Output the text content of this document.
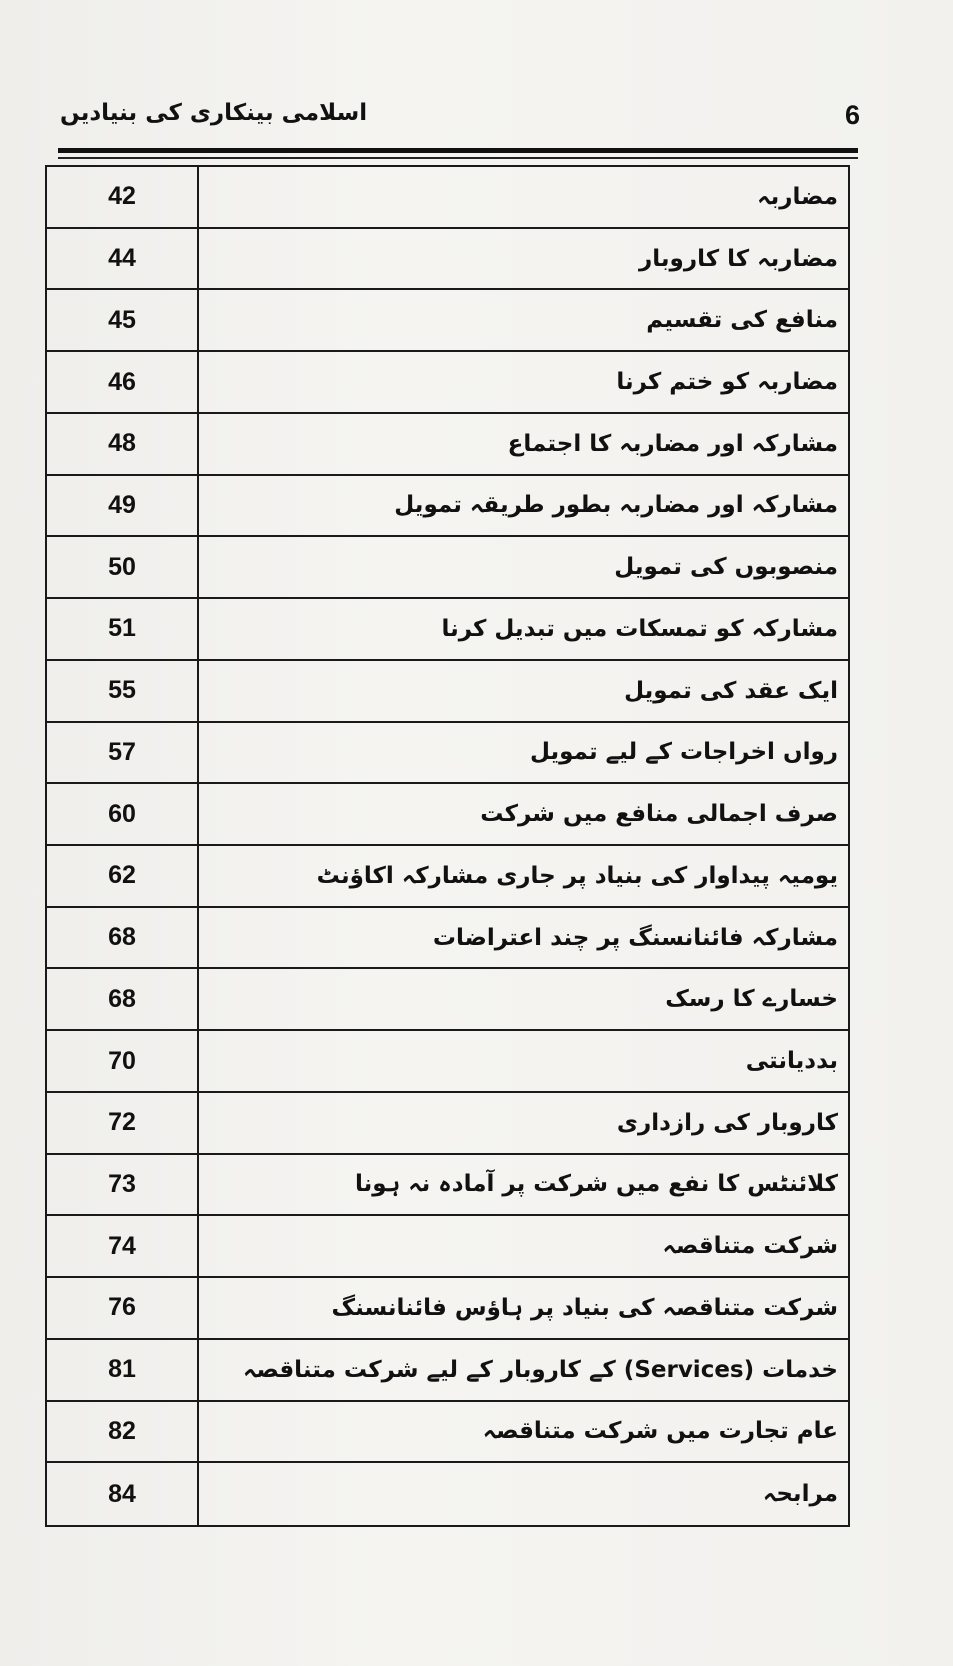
اسلامی بینکاری کی بنیادیں	6
42	مضاربہ
44	مضاربہ کا کاروبار
45	منافع کی تقسیم
46	مضاربہ کو ختم کرنا
48	مشارکہ اور مضاربہ کا اجتماع
49	مشارکہ اور مضاربہ بطور طریقہ تمویل
50	منصوبوں کی تمویل
51	مشارکہ کو تمسکات میں تبدیل کرنا
55	ایک عقد کی تمویل
57	رواں اخراجات کے لیے تمویل
60	صرف اجمالی منافع میں شرکت
62	یومیہ پیداوار کی بنیاد پر جاری مشارکہ اکاؤنٹ
68	مشارکہ فائنانسنگ پر چند اعتراضات
68	خسارے کا رسک
70	بددیانتی
72	کاروبار کی رازداری
73	کلائنٹس کا نفع میں شرکت پر آمادہ نہ ہونا
74	شرکت متناقصہ
76	شرکت متناقصہ کی بنیاد پر ہاؤس فائنانسنگ
81	خدمات (Services) کے کاروبار کے لیے شرکت متناقصہ
82	عام تجارت میں شرکت متناقصہ
84	مرابحہ
